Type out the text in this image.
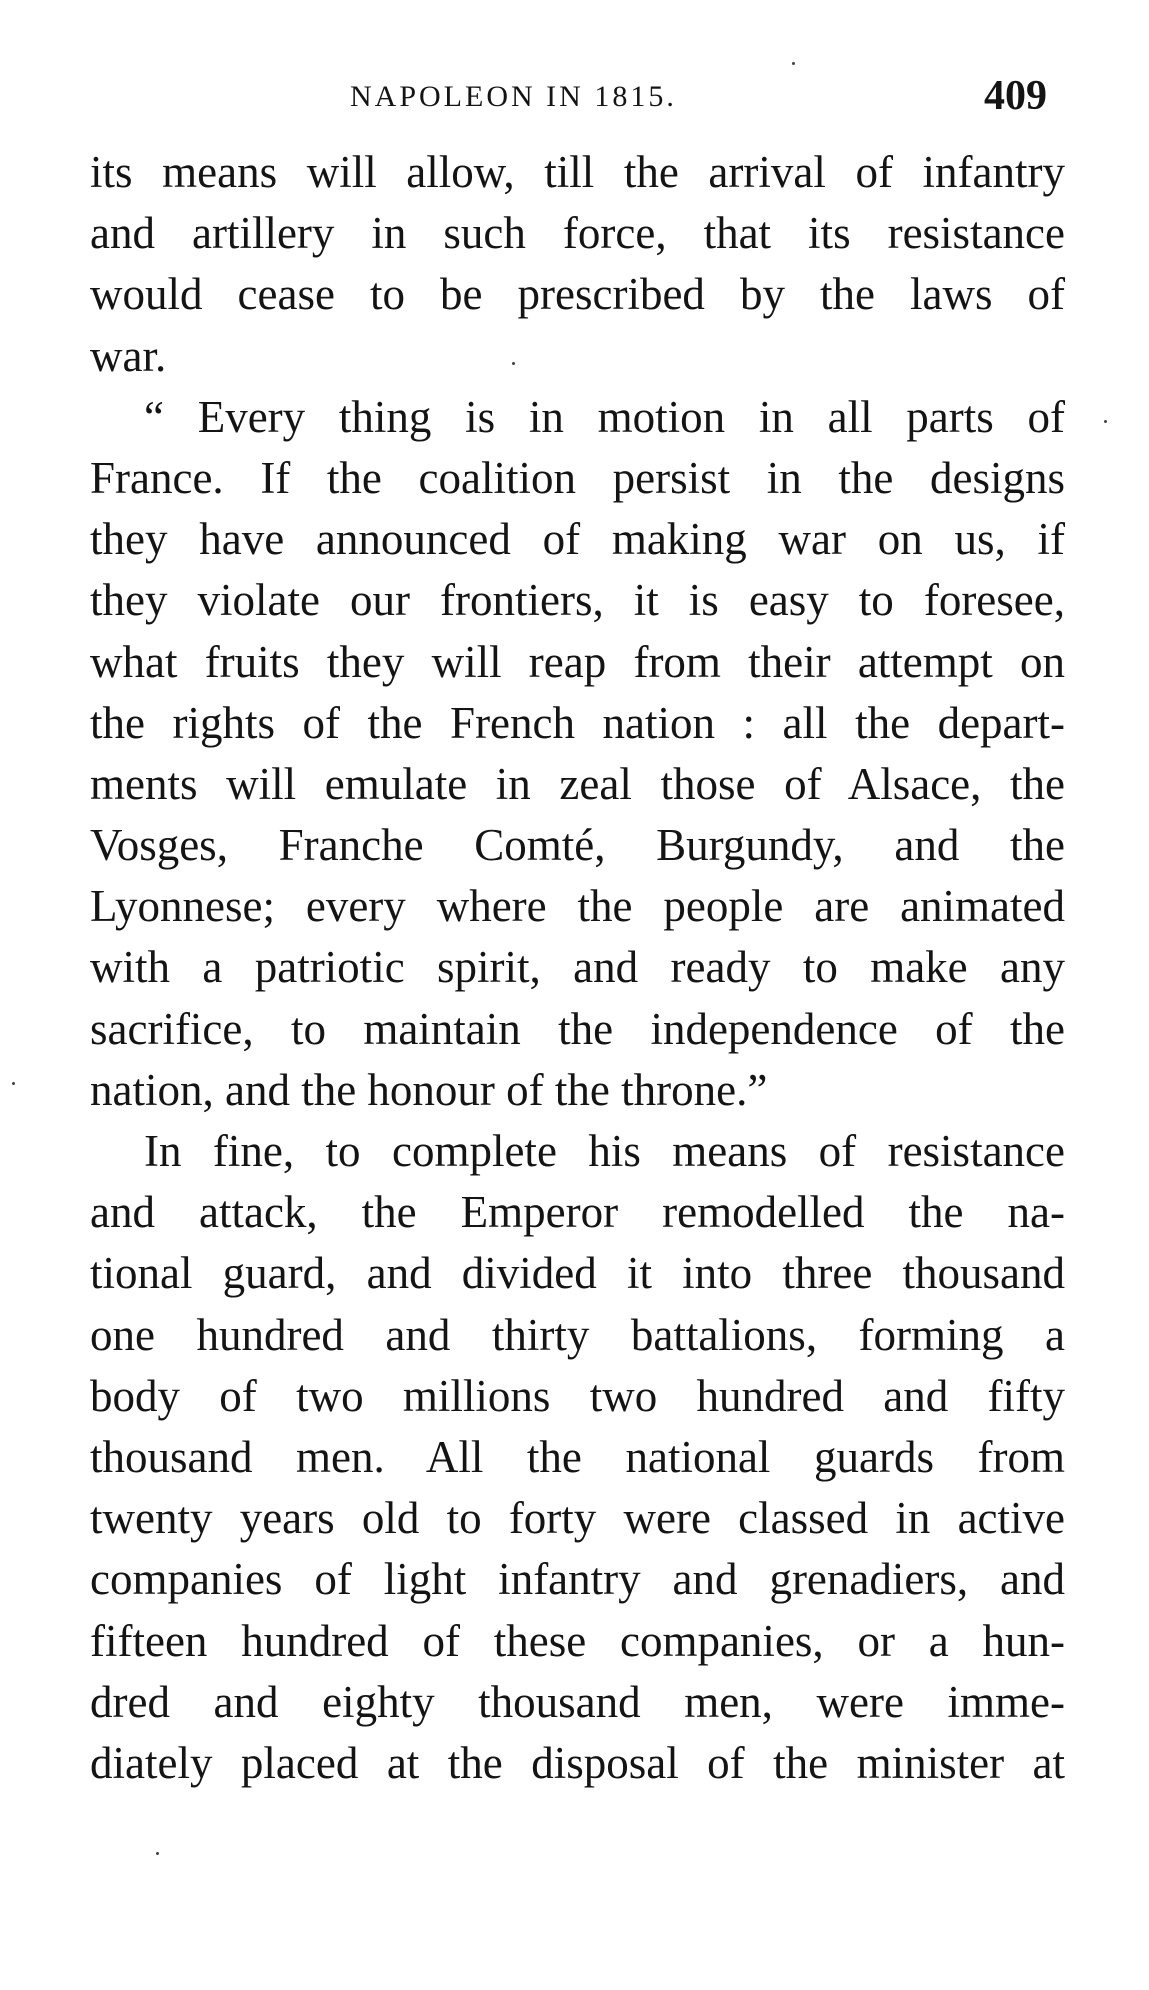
NAPOLEON IN 1815.	409
its means will allow, till the arrival of infantry
and artillery in such force, that its resistance
would cease to be prescribed by the laws of
war.
“ Every thing is in motion in all parts of
France. If the coalition persist in the designs
they have announced of making war on us, if
they violate our frontiers, it is easy to foresee,
what fruits they will reap from their attempt on
the rights of the French nation : all the depart-
ments will emulate in zeal those of Alsace, the
Vosges, Franche Comté, Burgundy, and the
Lyonnese; every where the people are animated
with a patriotic spirit, and ready to make any
sacrifice, to maintain the independence of the
nation, and the honour of the throne.”
In fine, to complete his means of resistance
and attack, the Emperor remodelled the na-
tional guard, and divided it into three thousand
one hundred and thirty battalions, forming a
body of two millions two hundred and fifty
thousand men. All the national guards from
twenty years old to forty were classed in active
companies of light infantry and grenadiers, and
fifteen hundred of these companies, or a hun-
dred and eighty thousand men, were imme-
diately placed at the disposal of the minister at
